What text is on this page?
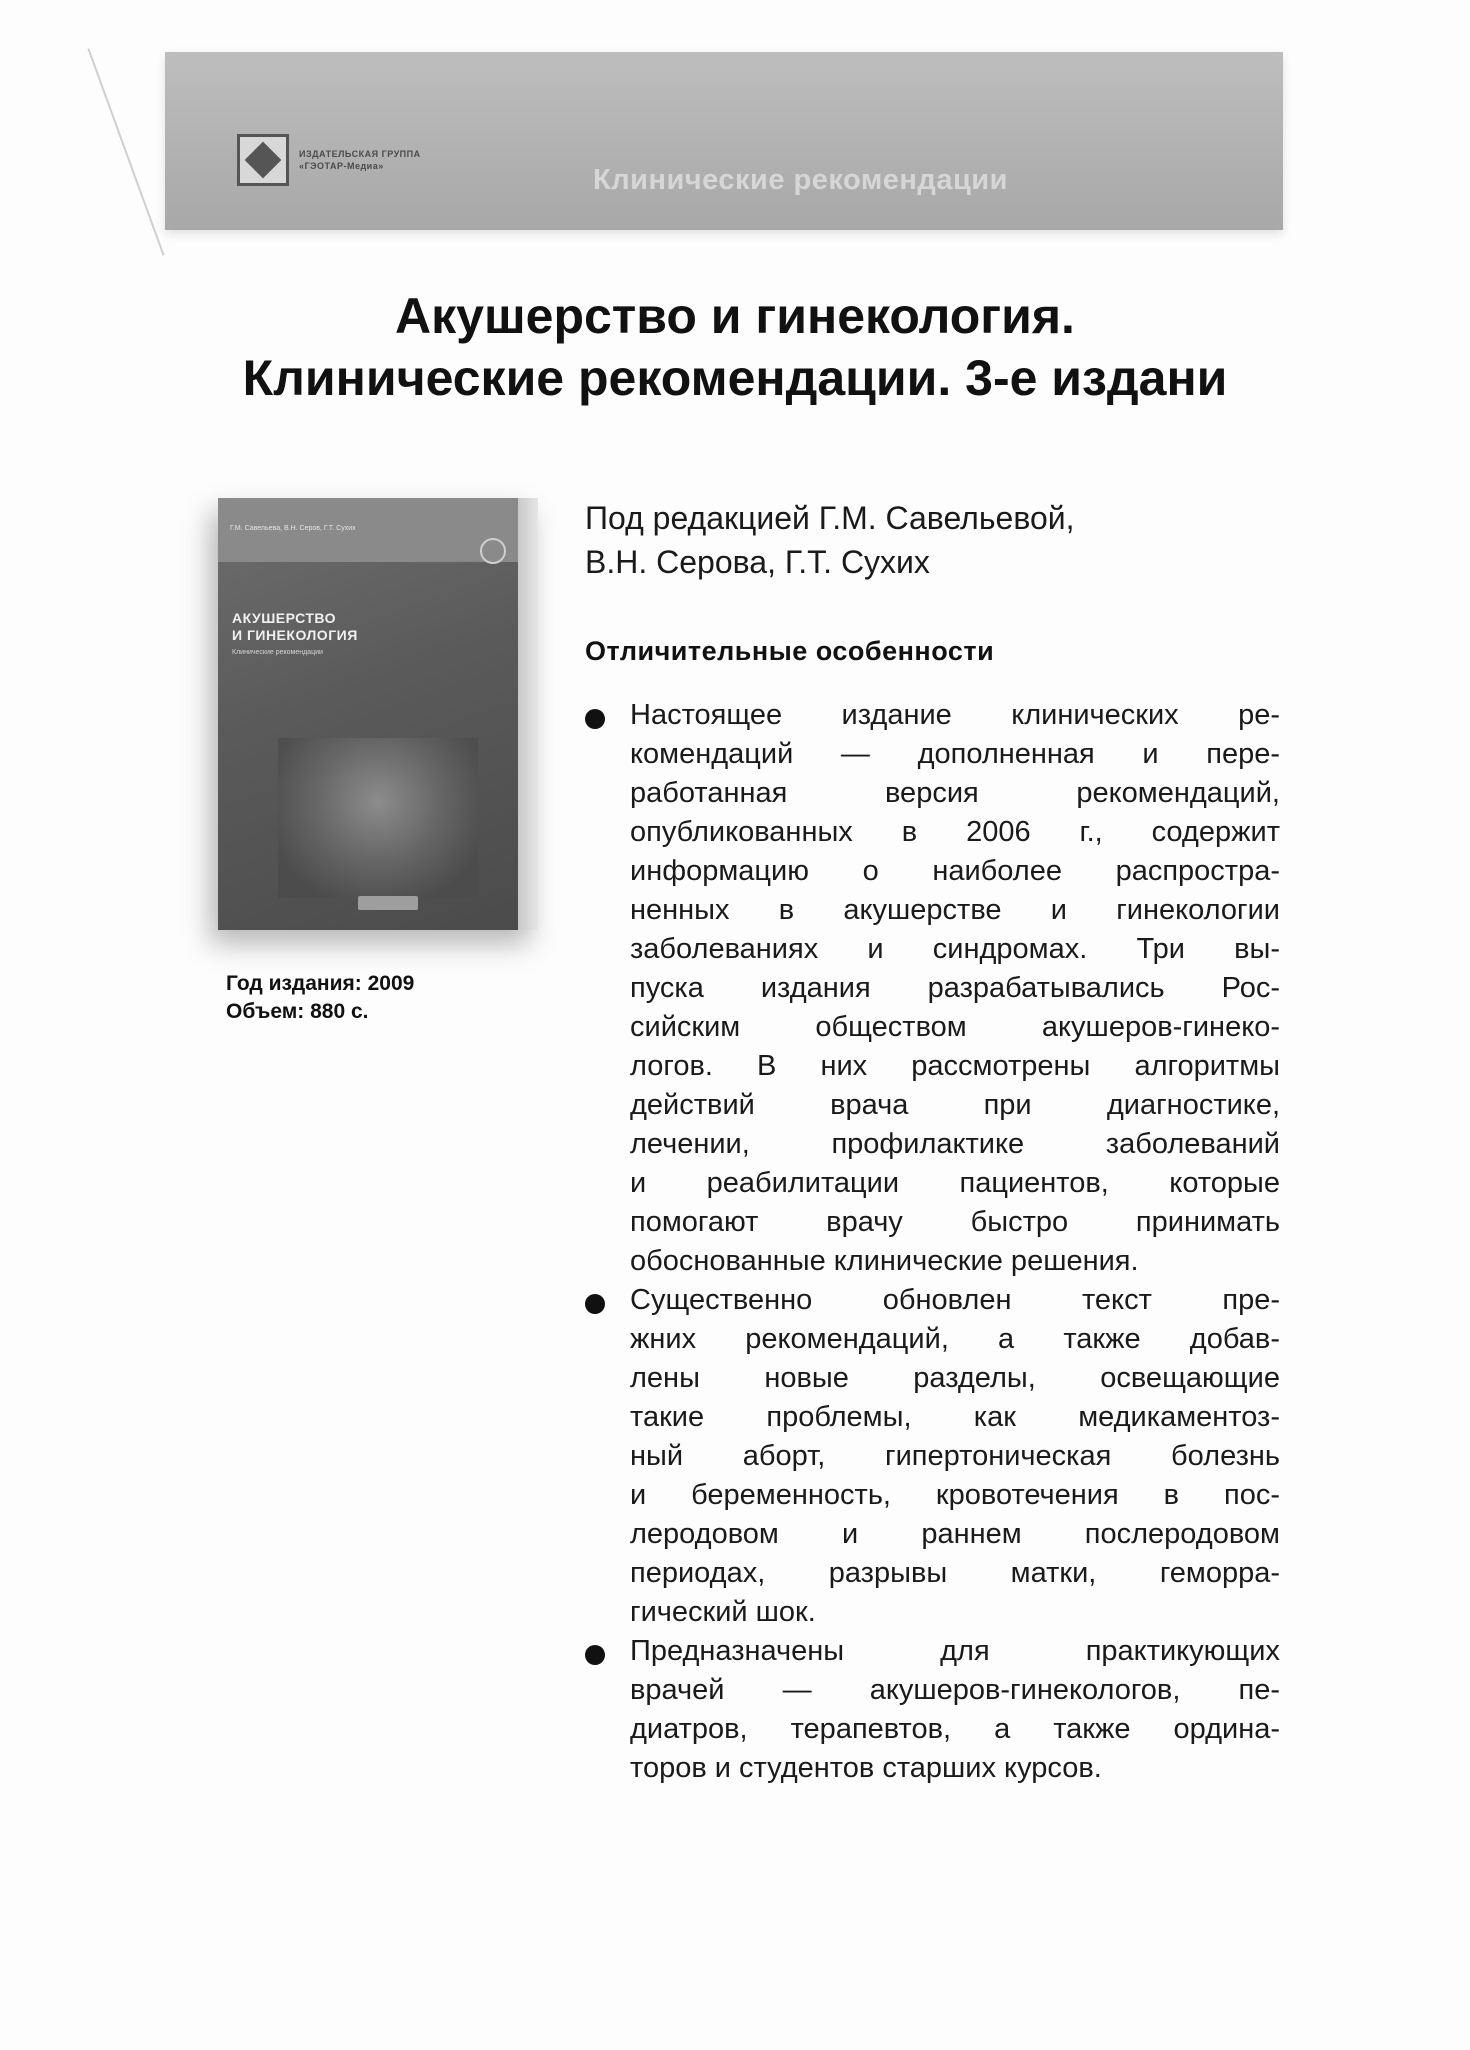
ИЗДАТЕЛЬСКАЯ ГРУППА
«ГЭОТАР-Медиа»	Клинические рекомендации
Акушерство и гинекология.
Клинические рекомендации. 3-е издани
Г.М. Савельева, В.Н. Серов, Г.Т. Сухих
АКУШЕРСТВО
И ГИНЕКОЛОГИЯ
Клинические рекомендации
Год издания: 2009
Объем: 880 с.
Под редакцией Г.М. Савельевой,
В.Н. Серова, Г.Т. Сухих
Отличительные особенности
Настоящее издание клинических ре-
комендаций — дополненная и пере-
работанная версия рекомендаций,
опубликованных в 2006 г., содержит
информацию о наиболее распростра-
ненных в акушерстве и гинекологии
заболеваниях и синдромах. Три вы-
пуска издания разрабатывались Рос-
сийским обществом акушеров-гинеко-
логов. В них рассмотрены алгоритмы
действий врача при диагностике,
лечении, профилактике заболеваний
и реабилитации пациентов, которые
помогают врачу быстро принимать
обоснованные клинические решения.
Существенно обновлен текст пре-
жних рекомендаций, а также добав-
лены новые разделы, освещающие
такие проблемы, как медикаментоз-
ный аборт, гипертоническая болезнь
и беременность, кровотечения в пос-
леродовом и раннем послеродовом
периодах, разрывы матки, геморра-
гический шок.
Предназначены для практикующих
врачей — акушеров-гинекологов, пе-
диатров, терапевтов, а также ордина-
торов и студентов старших курсов.
